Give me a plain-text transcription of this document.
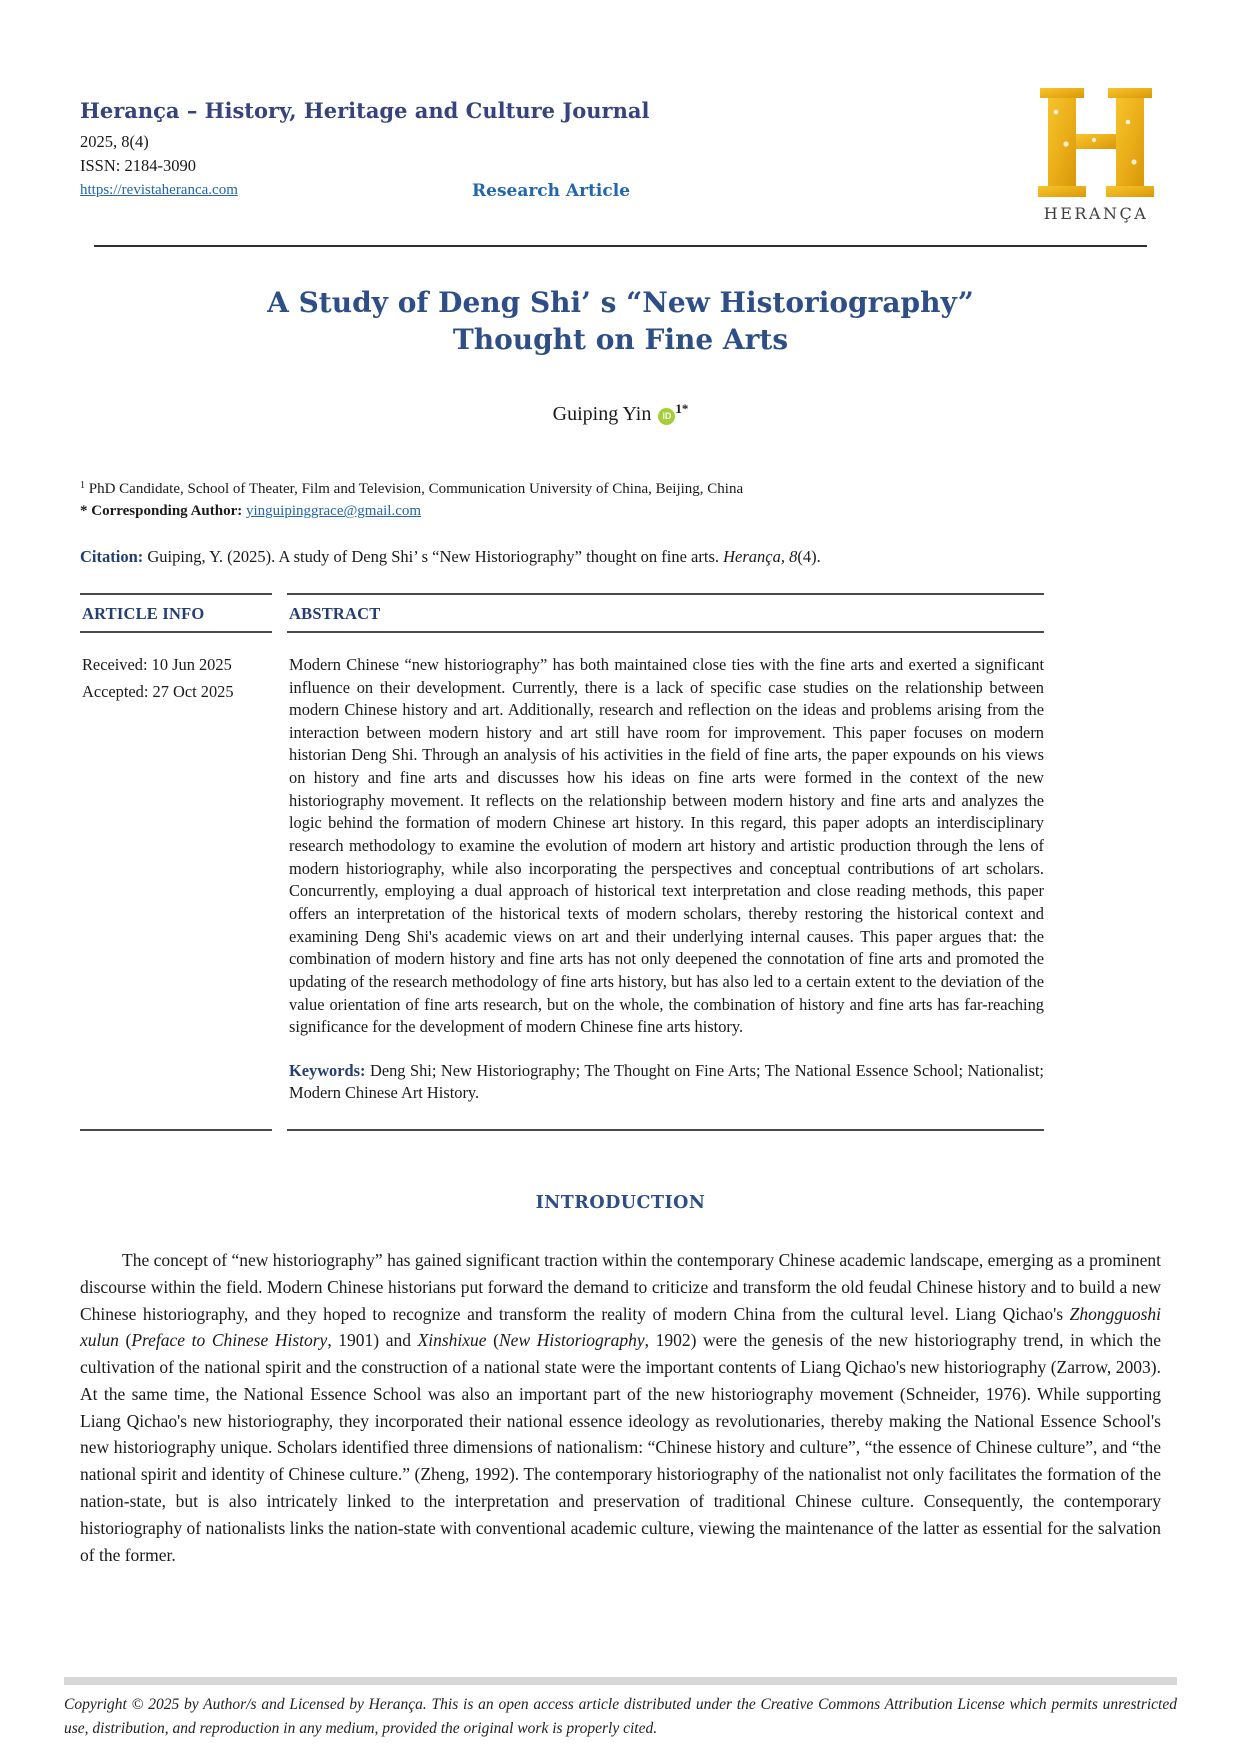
Herança – History, Heritage and Culture Journal
2025, 8(4)
ISSN: 2184-3090
https://revistaheranca.com	Research Article
HERANÇA
A Study of Deng Shi’ s “New Historiography”
Thought on Fine Arts
Guiping Yin iD $^{1*}$
$^1$ PhD Candidate, School of Theater, Film and Television, Communication University of China, Beijing, China
* Corresponding Author: yinguipinggrace@gmail.com
Citation: Guiping, Y. (2025). A study of Deng Shi’ s “New Historiography” thought on fine arts. Herança, 8(4).
ARTICLE INFO
Received: 10 Jun 2025
Accepted: 27 Oct 2025
ABSTRACT
Modern Chinese “new historiography” has both maintained close ties with the fine arts and exerted a significant influence on their development. Currently, there is a lack of specific case studies on the relationship between modern Chinese history and art. Additionally, research and reflection on the ideas and problems arising from the interaction between modern history and art still have room for improvement. This paper focuses on modern historian Deng Shi. Through an analysis of his activities in the field of fine arts, the paper expounds on his views on history and fine arts and discusses how his ideas on fine arts were formed in the context of the new historiography movement. It reflects on the relationship between modern history and fine arts and analyzes the logic behind the formation of modern Chinese art history. In this regard, this paper adopts an interdisciplinary research methodology to examine the evolution of modern art history and artistic production through the lens of modern historiography, while also incorporating the perspectives and conceptual contributions of art scholars. Concurrently, employing a dual approach of historical text interpretation and close reading methods, this paper offers an interpretation of the historical texts of modern scholars, thereby restoring the historical context and examining Deng Shi's academic views on art and their underlying internal causes. This paper argues that: the combination of modern history and fine arts has not only deepened the connotation of fine arts and promoted the updating of the research methodology of fine arts history, but has also led to a certain extent to the deviation of the value orientation of fine arts research, but on the whole, the combination of history and fine arts has far-reaching significance for the development of modern Chinese fine arts history.
Keywords: Deng Shi; New Historiography; The Thought on Fine Arts; The National Essence School; Nationalist; Modern Chinese Art History.
INTRODUCTION

The concept of “new historiography” has gained significant traction within the contemporary Chinese academic landscape, emerging as a prominent discourse within the field. Modern Chinese historians put forward the demand to criticize and transform the old feudal Chinese history and to build a new Chinese historiography, and they hoped to recognize and transform the reality of modern China from the cultural level. Liang Qichao's Zhongguoshi xulun (Preface to Chinese History, 1901) and Xinshixue (New Historiography, 1902) were the genesis of the new historiography trend, in which the cultivation of the national spirit and the construction of a national state were the important contents of Liang Qichao's new historiography (Zarrow, 2003). At the same time, the National Essence School was also an important part of the new historiography movement (Schneider, 1976). While supporting Liang Qichao's new historiography, they incorporated their national essence ideology as revolutionaries, thereby making the National Essence School's new historiography unique. Scholars identified three dimensions of nationalism: “Chinese history and culture”, “the essence of Chinese culture”, and “the national spirit and identity of Chinese culture.” (Zheng, 1992). The contemporary historiography of the nationalist not only facilitates the formation of the nation-state, but is also intricately linked to the interpretation and preservation of traditional Chinese culture. Consequently, the contemporary historiography of nationalists links the nation-state with conventional academic culture, viewing the maintenance of the latter as essential for the salvation of the former.

Copyright © 2025 by Author/s and Licensed by Herança. This is an open access article distributed under the Creative Commons Attribution License which permits unrestricted use, distribution, and reproduction in any medium, provided the original work is properly cited.
